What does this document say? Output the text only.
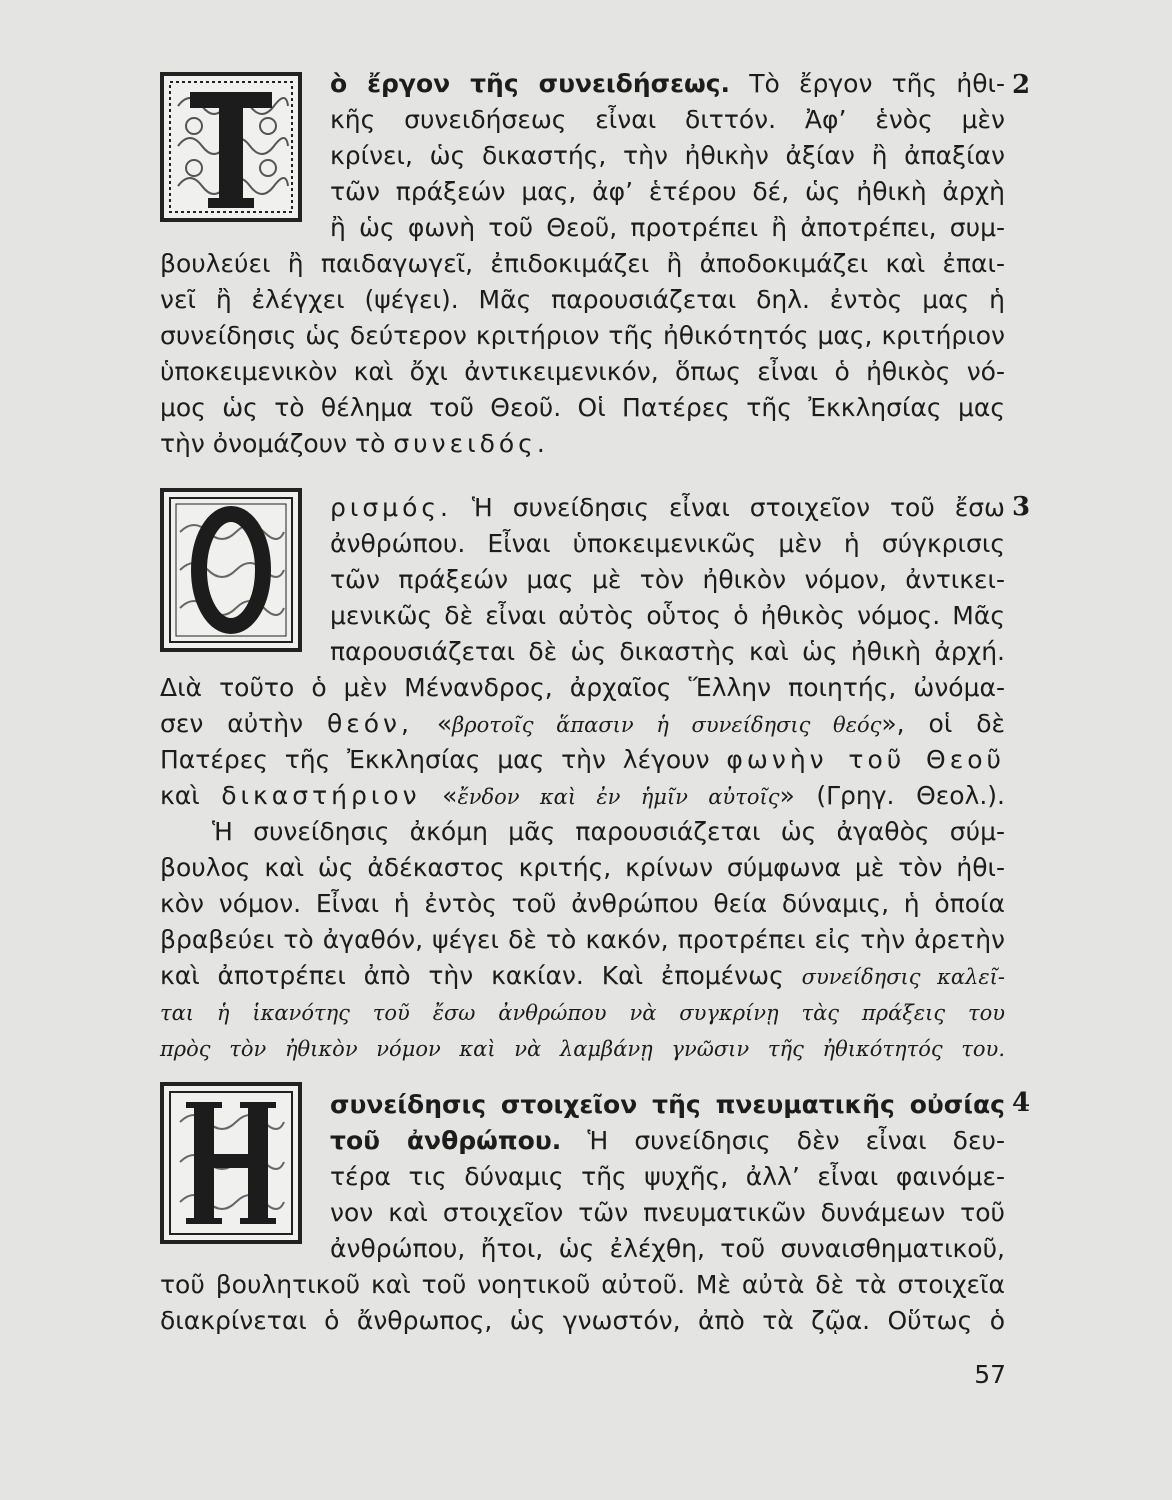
2
ὸ ἔργον τῆς συνειδήσεως. Τὸ ἔργον τῆς ἠθι-
κῆς συνειδήσεως εἶναι διττόν. Ἀφ’ ἑνὸς μὲν
κρίνει, ὡς δικαστής, τὴν ἠθικὴν ἀξίαν ἢ ἀπαξίαν
τῶν πράξεών μας, ἀφ’ ἑτέρου δέ, ὡς ἠθικὴ ἀρχὴ
ἢ ὡς φωνὴ τοῦ Θεοῦ, προτρέπει ἢ ἀποτρέπει, συμ-
βουλεύει ἢ παιδαγωγεῖ, ἐπιδοκιμάζει ἢ ἀποδοκιμάζει καὶ ἐπαι-
νεῖ ἢ ἐλέγχει (ψέγει). Μᾶς παρουσιάζεται δηλ. ἐντὸς μας ἡ
συνείδησις ὡς δεύτερον κριτήριον τῆς ἠθικότητός μας, κριτήριον
ὑποκειμενικὸν καὶ ὄχι ἀντικειμενικόν, ὅπως εἶναι ὁ ἠθικὸς νό-
μος ὡς τὸ θέλημα τοῦ Θεοῦ. Οἱ Πατέρες τῆς Ἐκκλησίας μας
τὴν ὀνομάζουν τὸ συνειδός.
3
ρισμός. Ἡ συνείδησις εἶναι στοιχεῖον τοῦ ἔσω
ἀνθρώπου. Εἶναι ὑποκειμενικῶς μὲν ἡ σύγκρισις
τῶν πράξεών μας μὲ τὸν ἠθικὸν νόμον, ἀντικει-
μενικῶς δὲ εἶναι αὐτὸς οὗτος ὁ ἠθικὸς νόμος. Μᾶς
παρουσιάζεται δὲ ὡς δικαστὴς καὶ ὡς ἠθικὴ ἀρχή.
Διὰ τοῦτο ὁ μὲν Μένανδρος, ἀρχαῖος Ἕλλην ποιητής, ὠνόμα-
σεν αὐτὴν θεόν, «βροτοῖς ἅπασιν ἡ συνείδησις θεός», οἱ δὲ
Πατέρες τῆς Ἐκκλησίας μας τὴν λέγουν φωνὴν τοῦ Θεοῦ
καὶ δικαστήριον «ἔνδον καὶ ἐν ἡμῖν αὐτοῖς» (Γρηγ. Θεολ.).
Ἡ συνείδησις ἀκόμη μᾶς παρουσιάζεται ὡς ἀγαθὸς σύμ-
βουλος καὶ ὡς ἀδέκαστος κριτής, κρίνων σύμφωνα μὲ τὸν ἠθι-
κὸν νόμον. Εἶναι ἡ ἐντὸς τοῦ ἀνθρώπου θεία δύναμις, ἡ ὁποία
βραβεύει τὸ ἀγαθόν, ψέγει δὲ τὸ κακόν, προτρέπει εἰς τὴν ἀρετὴν
καὶ ἀποτρέπει ἀπὸ τὴν κακίαν. Καὶ ἐπομένως συνείδησις καλεῖ-
ται ἡ ἱκανότης τοῦ ἔσω ἀνθρώπου νὰ συγκρίνῃ τὰς πράξεις του
πρὸς τὸν ἠθικὸν νόμον καὶ νὰ λαμβάνῃ γνῶσιν τῆς ἠθικότητός του.
4
συνείδησις στοιχεῖον τῆς πνευματικῆς οὐσίας
τοῦ ἀνθρώπου. Ἡ συνείδησις δὲν εἶναι δευ-
τέρα τις δύναμις τῆς ψυχῆς, ἀλλ’ εἶναι φαινόμε-
νον καὶ στοιχεῖον τῶν πνευματικῶν δυνάμεων τοῦ
ἀνθρώπου, ἤτοι, ὡς ἐλέχθη, τοῦ συναισθηματικοῦ,
τοῦ βουλητικοῦ καὶ τοῦ νοητικοῦ αὐτοῦ. Μὲ αὐτὰ δὲ τὰ στοιχεῖα
διακρίνεται ὁ ἄνθρωπος, ὡς γνωστόν, ἀπὸ τὰ ζῷα. Οὕτως ὁ
57
